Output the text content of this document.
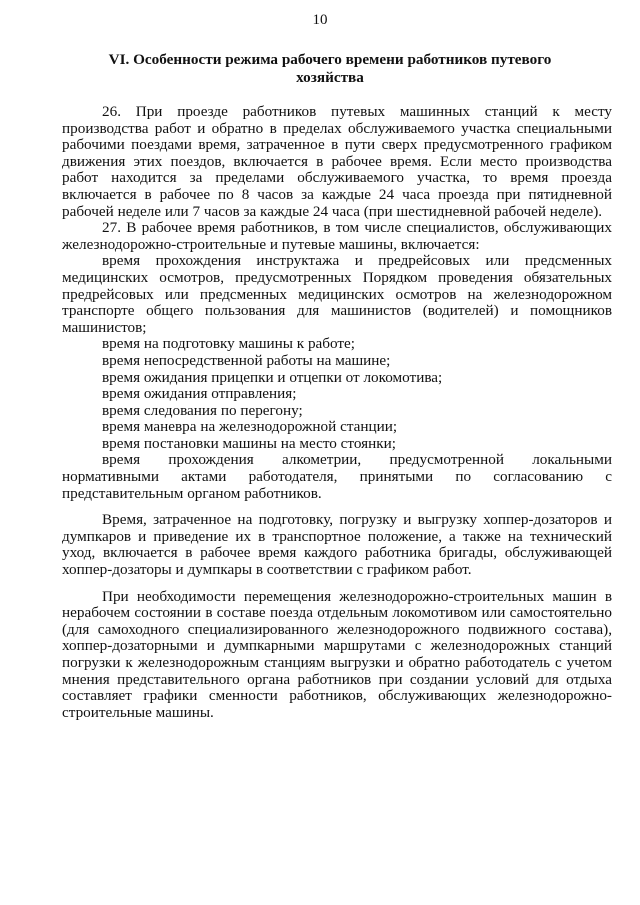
10
VI. Особенности режима рабочего времени работников путевого хозяйства

26. При проезде работников путевых машинных станций к месту производства работ и обратно в пределах обслуживаемого участка специальными рабочими поездами время, затраченное в пути сверх предусмотренного графиком движения этих поездов, включается в рабочее время. Если место производства работ находится за пределами обслуживаемого участка, то время проезда включается в рабочее по 8 часов за каждые 24 часа проезда при пятидневной рабочей неделе или 7 часов за каждые 24 часа (при шестидневной рабочей неделе).

27. В рабочее время работников, в том числе специалистов, обслуживающих железнодорожно-строительные и путевые машины, включается:

время прохождения инструктажа и предрейсовых или предсменных медицинских осмотров, предусмотренных Порядком проведения обязательных предрейсовых или предсменных медицинских осмотров на железнодорожном транспорте общего пользования для машинистов (водителей) и помощников машинистов;

время на подготовку машины к работе;

время непосредственной работы на машине;

время ожидания прицепки и отцепки от локомотива;

время ожидания отправления;

время следования по перегону;

время маневра на железнодорожной станции;

время постановки машины на место стоянки;

время прохождения алкометрии, предусмотренной локальными нормативными актами работодателя, принятыми по согласованию с представительным органом работников.

Время, затраченное на подготовку, погрузку и выгрузку хоппер-дозаторов и думпкаров и приведение их в транспортное положение, а также на технический уход, включается в рабочее время каждого работника бригады, обслуживающей хоппер-дозаторы и думпкары в соответствии с графиком работ.

При необходимости перемещения железнодорожно-строительных машин в нерабочем состоянии в составе поезда отдельным локомотивом или самостоятельно (для самоходного специализированного железнодорожного подвижного состава), хоппер-дозаторными и думпкарными маршрутами с железнодорожных станций погрузки к железнодорожным станциям выгрузки и обратно работодатель с учетом мнения представительного органа работников при создании условий для отдыха составляет графики сменности работников, обслуживающих железнодорожно-строительные машины.
